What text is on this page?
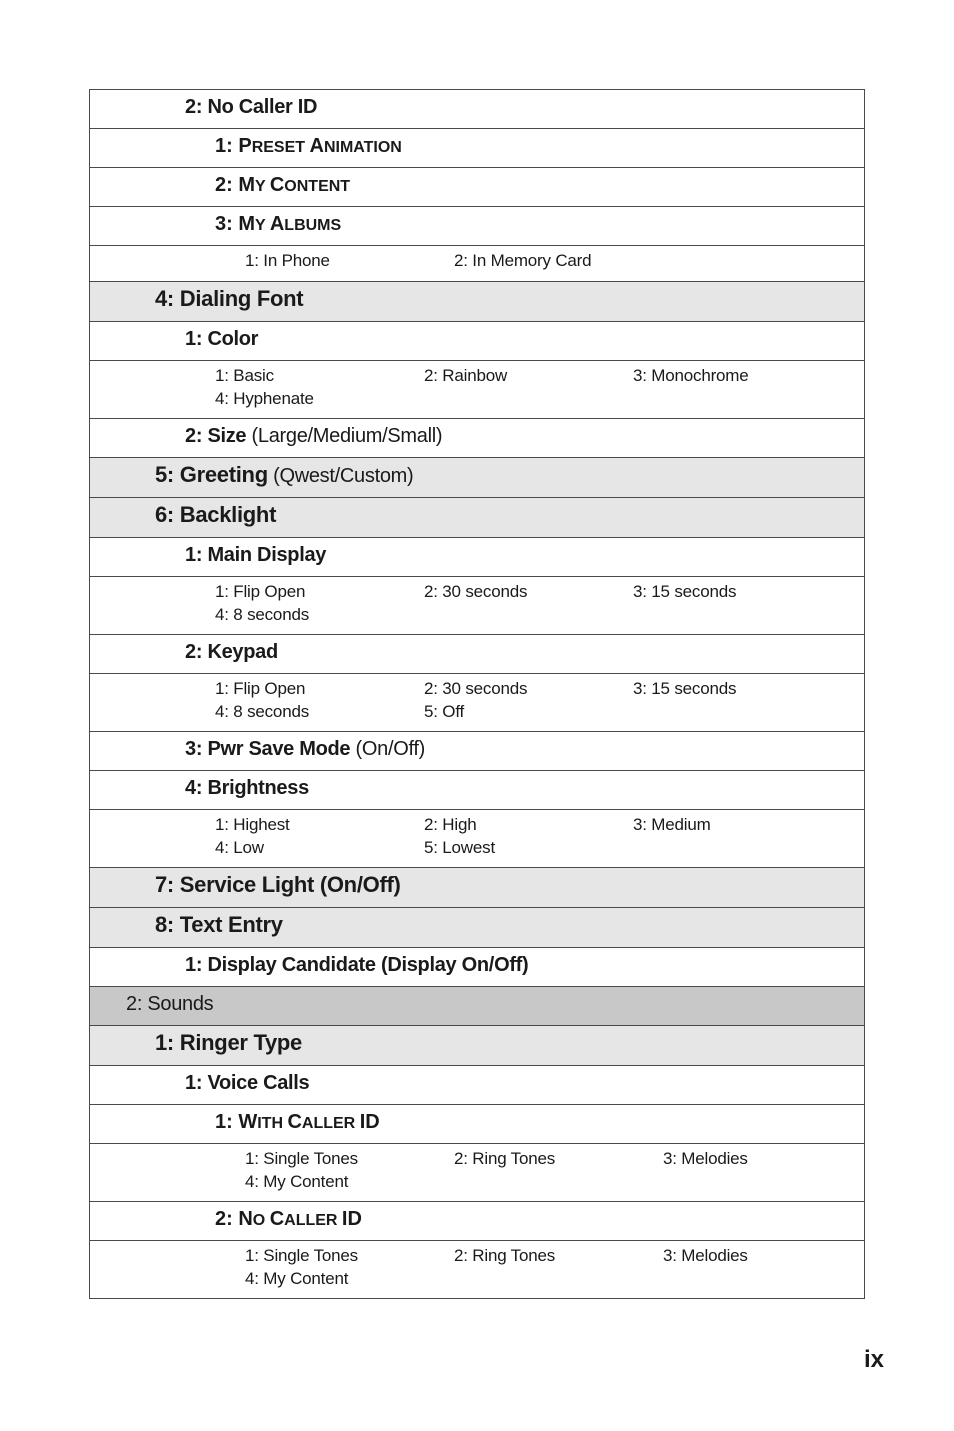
2: No Caller ID
1: PRESET ANIMATION
2: MY CONTENT
3: MY ALBUMS
1: In Phone	2: In Memory Card
4: Dialing Font
1: Color
1: Basic	2: Rainbow	3: Monochrome
4: Hyphenate
2: Size (Large/Medium/Small)
5: Greeting (Qwest/Custom)
6: Backlight
1: Main Display
1: Flip Open	2: 30 seconds	3: 15 seconds
4: 8 seconds
2: Keypad
1: Flip Open	2: 30 seconds	3: 15 seconds
4: 8 seconds	5: Off
3: Pwr Save Mode (On/Off)
4: Brightness
1: Highest	2: High	3: Medium
4: Low	5: Lowest
7: Service Light (On/Off)
8: Text Entry
1: Display Candidate (Display On/Off)
2: Sounds
1: Ringer Type
1: Voice Calls
1: WITH CALLER ID
1: Single Tones	2: Ring Tones	3: Melodies
4: My Content
2: NO CALLER ID
1: Single Tones	2: Ring Tones	3: Melodies
4: My Content
ix
